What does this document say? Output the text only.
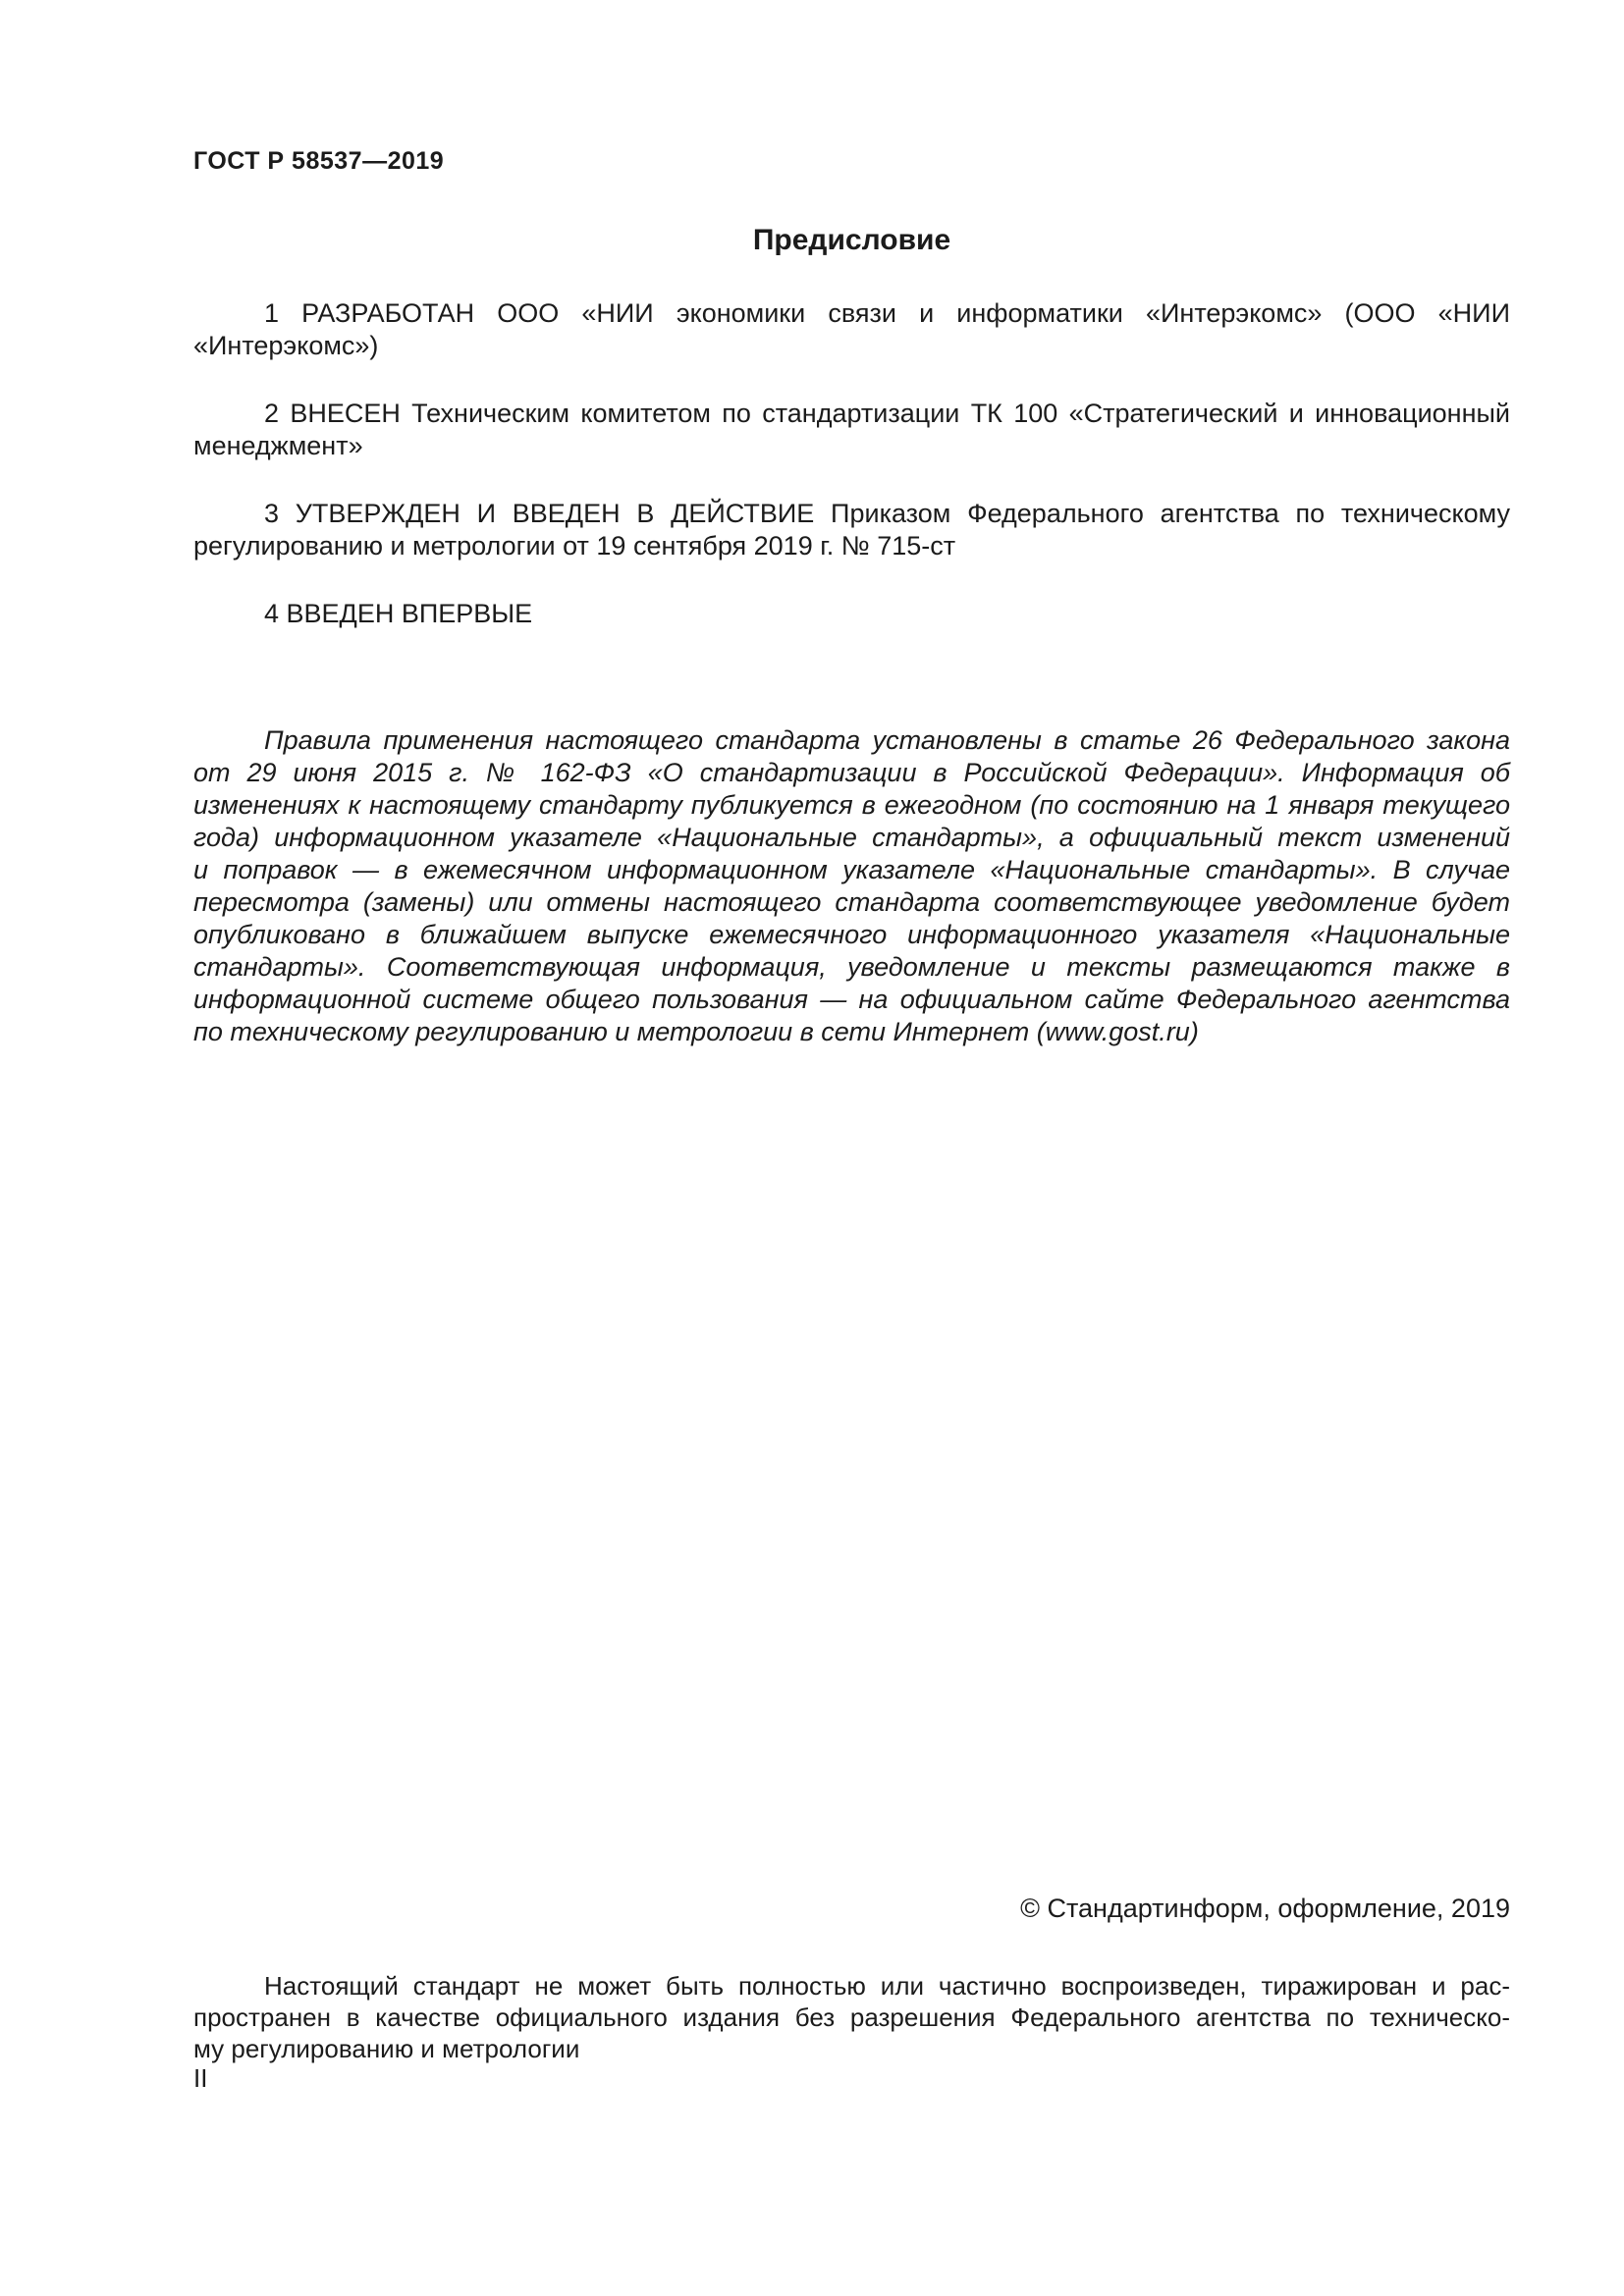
ГОСТ Р 58537—2019
Предисловие
1 РАЗРАБОТАН ООО «НИИ экономики связи и информатики «Интерэкомс» (ООО «НИИ
«Интерэкомс»)
2 ВНЕСЕН Техническим комитетом по стандартизации ТК 100 «Стратегический и инновационный
менеджмент»
3 УТВЕРЖДЕН И ВВЕДЕН В ДЕЙСТВИЕ Приказом Федерального агентства по техническому
регулированию и метрологии от 19 сентября 2019 г. № 715-ст
4 ВВЕДЕН ВПЕРВЫЕ
Правила применения настоящего стандарта установлены в статье 26 Федерального закона
от 29 июня 2015 г. № 162-ФЗ «О стандартизации в Российской Федерации». Информация об
изменениях к настоящему стандарту публикуется в ежегодном (по состоянию на 1 января текущего
года) информационном указателе «Национальные стандарты», а официальный текст изменений
и поправок — в ежемесячном информационном указателе «Национальные стандарты». В случае
пересмотра (замены) или отмены настоящего стандарта соответствующее уведомление будет
опубликовано в ближайшем выпуске ежемесячного информационного указателя «Национальные
стандарты». Соответствующая информация, уведомление и тексты размещаются также в
информационной системе общего пользования — на официальном сайте Федерального агентства
по техническому регулированию и метрологии в сети Интернет (www.gost.ru)
© Стандартинформ, оформление, 2019
Настоящий стандарт не может быть полностью или частично воспроизведен, тиражирован и рас-
пространен в качестве официального издания без разрешения Федерального агентства по техническо-
му регулированию и метрологии
II
